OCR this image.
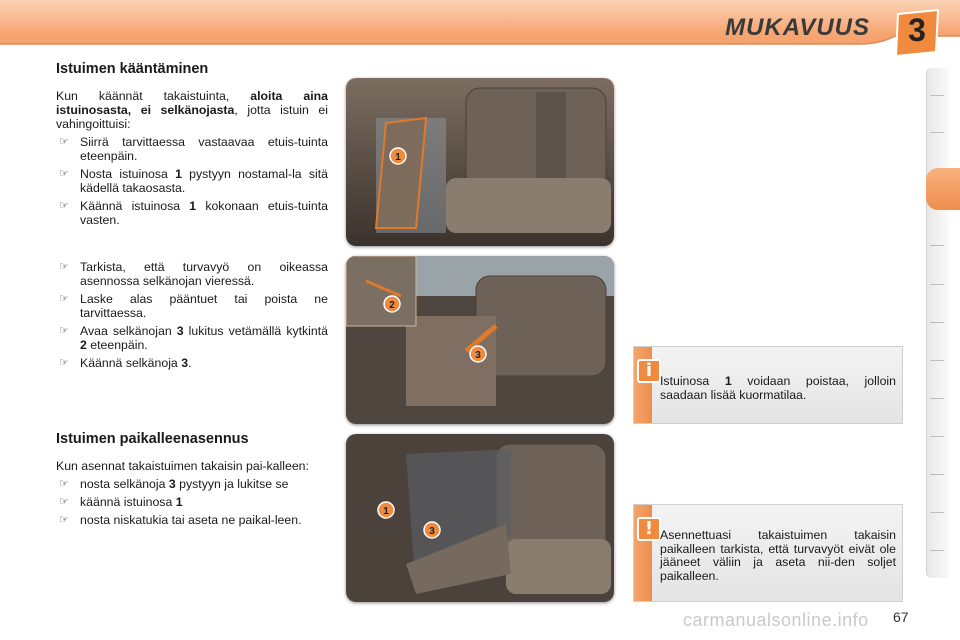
MUKAVUUS	3
Istuimen kääntäminen

Kun käännät takaistuinta, aloita aina istuinosasta, ei selkänojasta, jotta istuin ei vahingoittuisi:

☞ Siirrä tarvittaessa vastaavaa etuis-tuinta eteenpäin.
☞ Nosta istuinosa 1 pystyyn nostamal-la sitä kädellä takaosasta.
☞ Käännä istuinosa 1 kokonaan etuis-tuinta vasten.
☞ Tarkista, että turvavyö on oikeassa asennossa selkänojan vieressä.
☞ Laske alas pääntuet tai poista ne tarvittaessa.
☞ Avaa selkänojan 3 lukitus vetämällä kytkintä 2 eteenpäin.
☞ Käännä selkänoja 3.
Istuimen paikalleenasennus

Kun asennat takaistuimen takaisin pai-kalleen:

☞ nosta selkänoja 3 pystyyn ja lukitse se
☞ käännä istuinosa 1
☞ nosta niskatukia tai aseta ne paikal-leen.
1
2
3
1
3
i Istuinosa 1 voidaan poistaa, jolloin saadaan lisää kuormatilaa.
! Asennettuasi takaistuimen takaisin paikalleen tarkista, että turvavyöt eivät ole jääneet väliin ja aseta nii-den soljet paikalleen.
carmanualsonline.info 67
